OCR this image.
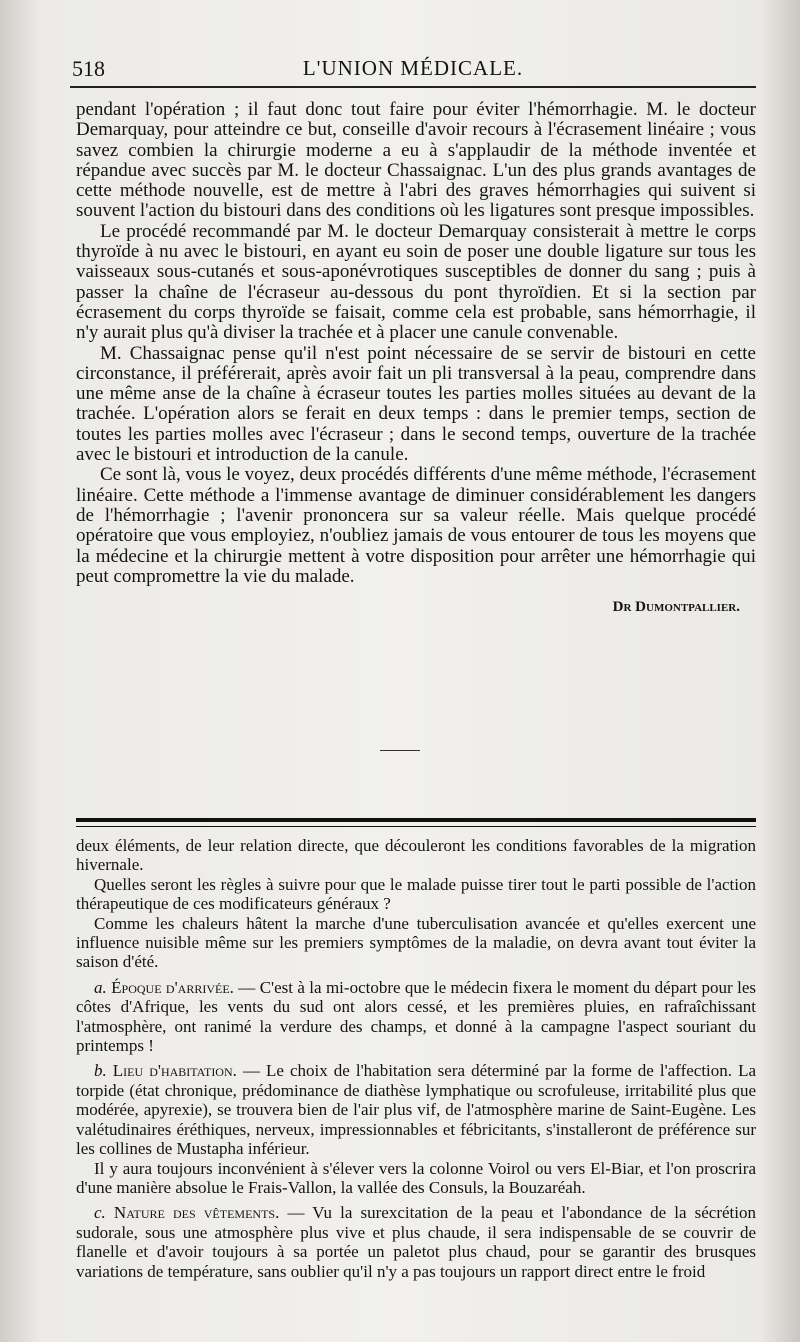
518	L'UNION MÉDICALE.

pendant l'opération ; il faut donc tout faire pour éviter l'hémorrhagie. M. le docteur Demarquay, pour atteindre ce but, conseille d'avoir recours à l'écrasement linéaire ; vous savez combien la chirurgie moderne a eu à s'applaudir de la méthode inventée et répandue avec succès par M. le docteur Chassaignac. L'un des plus grands avantages de cette méthode nouvelle, est de mettre à l'abri des graves hémorrhagies qui suivent si souvent l'action du bistouri dans des conditions où les ligatures sont presque impossibles.

Le procédé recommandé par M. le docteur Demarquay consisterait à mettre le corps thyroïde à nu avec le bistouri, en ayant eu soin de poser une double ligature sur tous les vaisseaux sous-cutanés et sous-aponévrotiques susceptibles de donner du sang ; puis à passer la chaîne de l'écraseur au-dessous du pont thyroïdien. Et si la section par écrasement du corps thyroïde se faisait, comme cela est probable, sans hémorrhagie, il n'y aurait plus qu'à diviser la trachée et à placer une canule convenable.

M. Chassaignac pense qu'il n'est point nécessaire de se servir de bistouri en cette circonstance, il préférerait, après avoir fait un pli transversal à la peau, comprendre dans une même anse de la chaîne à écraseur toutes les parties molles situées au devant de la trachée. L'opération alors se ferait en deux temps : dans le premier temps, section de toutes les parties molles avec l'écraseur ; dans le second temps, ouverture de la trachée avec le bistouri et introduction de la canule.

Ce sont là, vous le voyez, deux procédés différents d'une même méthode, l'écrasement linéaire. Cette méthode a l'immense avantage de diminuer considérablement les dangers de l'hémorrhagie ; l'avenir prononcera sur sa valeur réelle. Mais quelque procédé opératoire que vous employiez, n'oubliez jamais de vous entourer de tous les moyens que la médecine et la chirurgie mettent à votre disposition pour arrêter une hémorrhagie qui peut compromettre la vie du malade.

Dr Dumontpallier.

deux éléments, de leur relation directe, que découleront les conditions favorables de la migration hivernale.

Quelles seront les règles à suivre pour que le malade puisse tirer tout le parti possible de l'action thérapeutique de ces modificateurs généraux ?

Comme les chaleurs hâtent la marche d'une tuberculisation avancée et qu'elles exercent une influence nuisible même sur les premiers symptômes de la maladie, on devra avant tout éviter la saison d'été.

a. Époque d'arrivée. — C'est à la mi-octobre que le médecin fixera le moment du départ pour les côtes d'Afrique, les vents du sud ont alors cessé, et les premières pluies, en rafraîchissant l'atmosphère, ont ranimé la verdure des champs, et donné à la campagne l'aspect souriant du printemps !

b. Lieu d'habitation. — Le choix de l'habitation sera déterminé par la forme de l'affection. La torpide (état chronique, prédominance de diathèse lymphatique ou scrofuleuse, irritabilité plus que modérée, apyrexie), se trouvera bien de l'air plus vif, de l'atmosphère marine de Saint-Eugène. Les valétudinaires éréthiques, nerveux, impressionnables et fébricitants, s'installeront de préférence sur les collines de Mustapha inférieur.

Il y aura toujours inconvénient à s'élever vers la colonne Voirol ou vers El-Biar, et l'on proscrira d'une manière absolue le Frais-Vallon, la vallée des Consuls, la Bouzaréah.

c. Nature des vêtements. — Vu la surexcitation de la peau et l'abondance de la sécrétion sudorale, sous une atmosphère plus vive et plus chaude, il sera indispensable de se couvrir de flanelle et d'avoir toujours à sa portée un paletot plus chaud, pour se garantir des brusques variations de température, sans oublier qu'il n'y a pas toujours un rapport direct entre le froid
